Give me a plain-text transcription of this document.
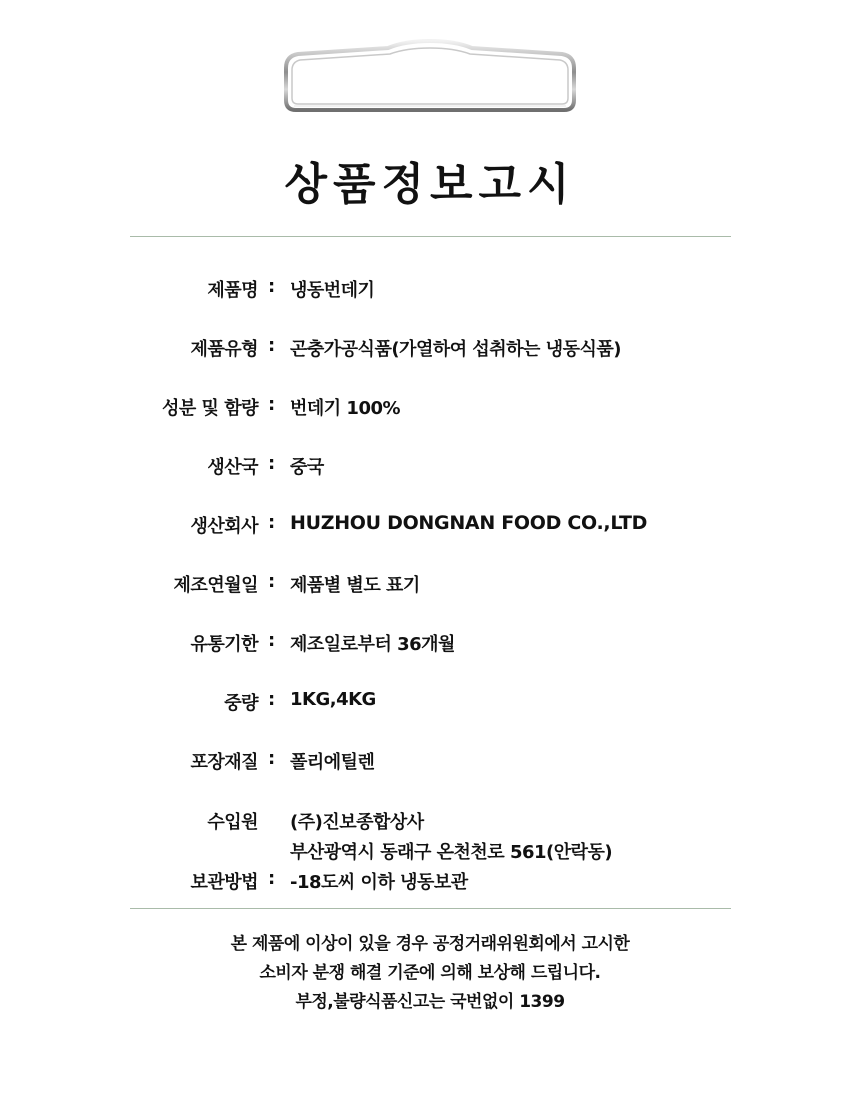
상품정보고시
제품명 : 냉동번데기
제품유형 : 곤충가공식품(가열하여 섭취하는 냉동식품)
성분 및 함량 : 번데기 100%
생산국 : 중국
생산회사 : HUZHOU DONGNAN FOOD CO.,LTD
제조연월일 : 제품별 별도 표기
유통기한 : 제조일로부터 36개월
중량 : 1KG,4KG
포장재질 : 폴리에틸렌
수입원 (주)진보종합상사
부산광역시 동래구 온천천로 561(안락동)
보관방법 : -18도씨 이하 냉동보관
본 제품에 이상이 있을 경우 공정거래위원회에서 고시한
소비자 분쟁 해결 기준에 의해 보상해 드립니다.
부정,불량식품신고는 국번없이 1399
